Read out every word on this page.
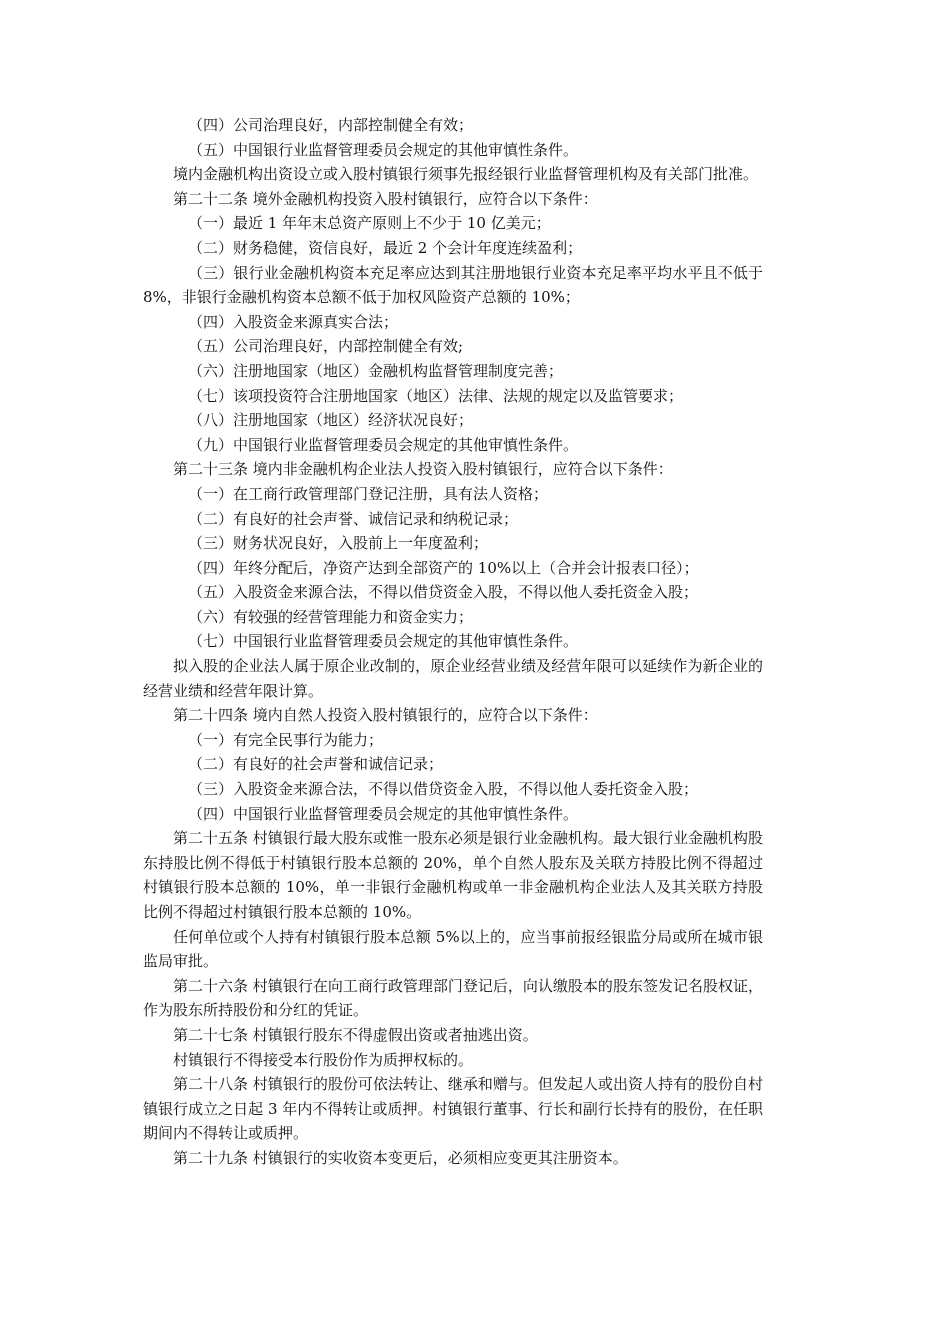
（四）公司治理良好，内部控制健全有效；

（五）中国银行业监督管理委员会规定的其他审慎性条件。

境内金融机构出资设立或入股村镇银行须事先报经银行业监督管理机构及有关部门批准。

第二十二条 境外金融机构投资入股村镇银行，应符合以下条件：

（一）最近 1 年年末总资产原则上不少于 10 亿美元；

（二）财务稳健，资信良好，最近 2 个会计年度连续盈利；

（三）银行业金融机构资本充足率应达到其注册地银行业资本充足率平均水平且不低于 8%，非银行金融机构资本总额不低于加权风险资产总额的 10%；

（四）入股资金来源真实合法；

（五）公司治理良好，内部控制健全有效;

（六）注册地国家（地区）金融机构监督管理制度完善；

（七）该项投资符合注册地国家（地区）法律、法规的规定以及监管要求；

（八）注册地国家（地区）经济状况良好；

（九）中国银行业监督管理委员会规定的其他审慎性条件。

第二十三条 境内非金融机构企业法人投资入股村镇银行，应符合以下条件：

（一）在工商行政管理部门登记注册，具有法人资格；

（二）有良好的社会声誉、诚信记录和纳税记录；

（三）财务状况良好，入股前上一年度盈利；

（四）年终分配后，净资产达到全部资产的 10%以上（合并会计报表口径）；

（五）入股资金来源合法，不得以借贷资金入股，不得以他人委托资金入股；

（六）有较强的经营管理能力和资金实力；

（七）中国银行业监督管理委员会规定的其他审慎性条件。

拟入股的企业法人属于原企业改制的，原企业经营业绩及经营年限可以延续作为新企业的经营业绩和经营年限计算。

第二十四条 境内自然人投资入股村镇银行的，应符合以下条件：

（一）有完全民事行为能力；

（二）有良好的社会声誉和诚信记录；

（三）入股资金来源合法，不得以借贷资金入股，不得以他人委托资金入股；

（四）中国银行业监督管理委员会规定的其他审慎性条件。

第二十五条 村镇银行最大股东或惟一股东必须是银行业金融机构。最大银行业金融机构股东持股比例不得低于村镇银行股本总额的 20%，单个自然人股东及关联方持股比例不得超过村镇银行股本总额的 10%，单一非银行金融机构或单一非金融机构企业法人及其关联方持股比例不得超过村镇银行股本总额的 10%。

任何单位或个人持有村镇银行股本总额 5%以上的，应当事前报经银监分局或所在城市银监局审批。

第二十六条 村镇银行在向工商行政管理部门登记后，向认缴股本的股东签发记名股权证，作为股东所持股份和分红的凭证。

第二十七条 村镇银行股东不得虚假出资或者抽逃出资。

村镇银行不得接受本行股份作为质押权标的。

第二十八条 村镇银行的股份可依法转让、继承和赠与。但发起人或出资人持有的股份自村镇银行成立之日起 3 年内不得转让或质押。村镇银行董事、行长和副行长持有的股份，在任职期间内不得转让或质押。

第二十九条 村镇银行的实收资本变更后，必须相应变更其注册资本。
